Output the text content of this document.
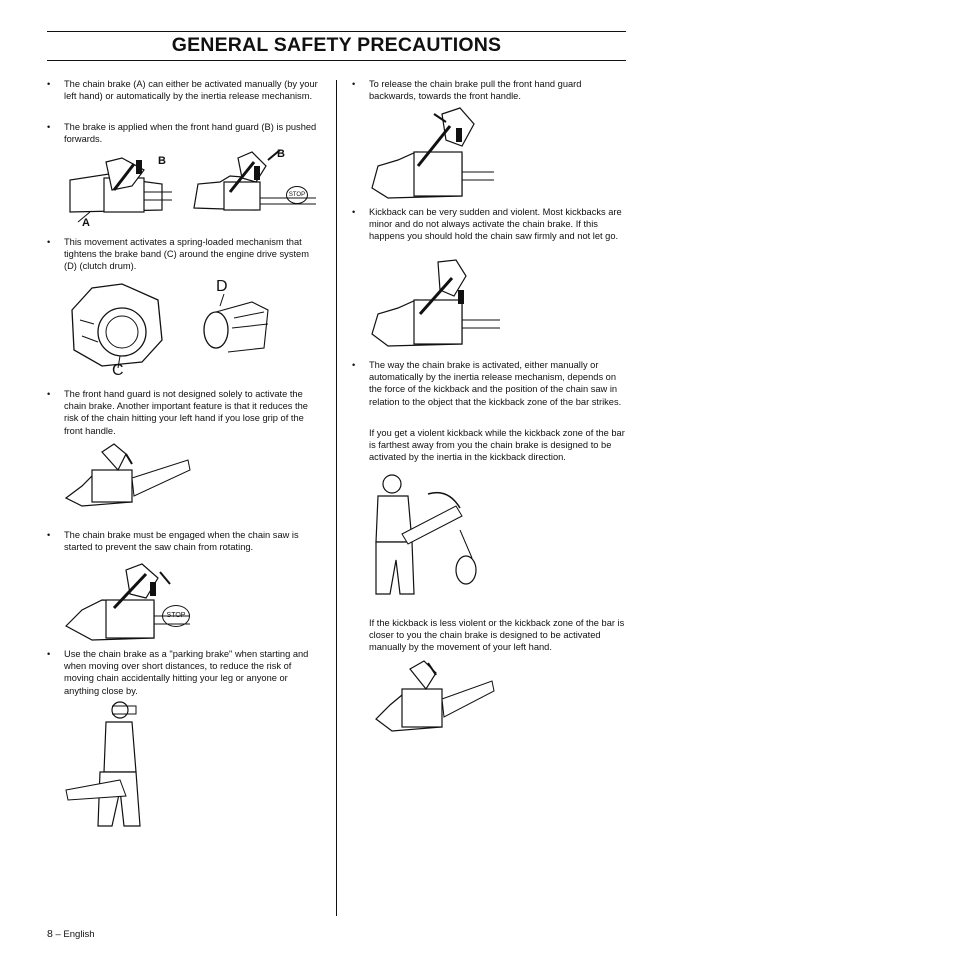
GENERAL SAFETY PRECAUTIONS
• The chain brake (A) can either be activated manually (by your left hand) or automatically by the inertia release mechanism.

• The brake is applied when the front hand guard (B) is pushed forwards.

• This movement activates a spring-loaded mechanism that tightens the brake band (C) around the engine drive system (D) (clutch drum).

• The front hand guard is not designed solely to activate the chain brake. Another important feature is that it reduces the risk of the chain hitting your left hand if you lose grip of the front handle.

• The chain brake must be engaged when the chain saw is started to prevent the saw chain from rotating.

• Use the chain brake as a "parking brake" when starting and when moving over short distances, to reduce the risk of moving chain accidentally hitting your leg or anyone or anything close by.

• To release the chain brake pull the front hand guard backwards, towards the front handle.

• Kickback can be very sudden and violent. Most kickbacks are minor and do not always activate the chain brake. If this happens you should hold the chain saw firmly and not let go.

• The way the chain brake is activated, either manually or automatically by the inertia release mechanism, depends on the force of the kickback and the position of the chain saw in relation to the object that the kickback zone of the bar strikes.

If you get a violent kickback while the kickback zone of the bar is farthest away from you the chain brake is designed to be activated by the inertia in the kickback direction.
If the kickback is less violent or the kickback zone of the bar is closer to you the chain brake is designed to be activated manually by the movement of your left hand.
B
A
B
STOP
C
D
STOP
8 – English
